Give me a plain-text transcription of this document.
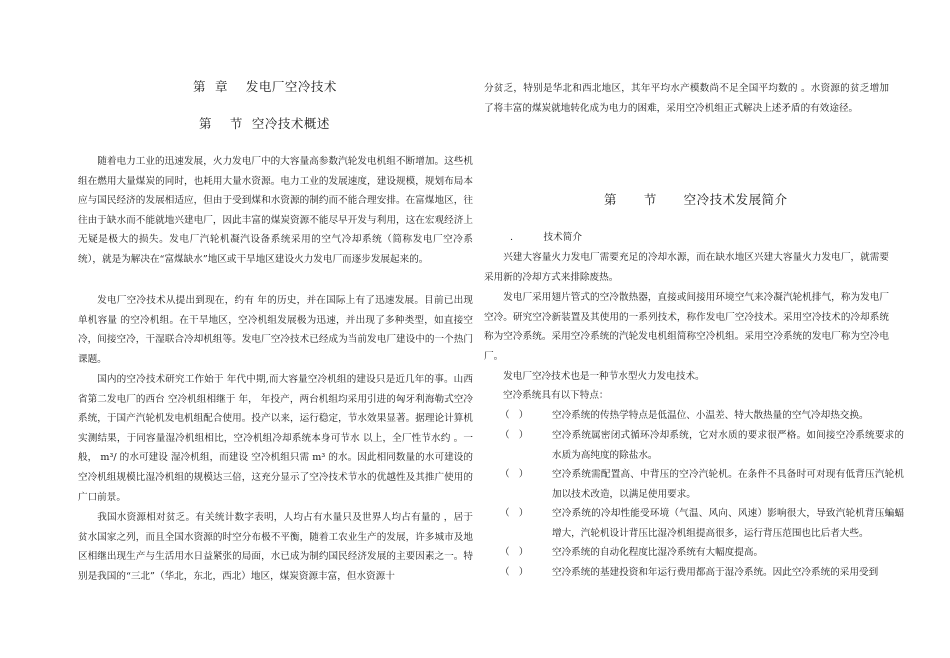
第  章    发电厂空冷技术
第    节  空冷技术概述

随着电力工业的迅速发展，火力发电厂中的大容量高参数汽轮发电机组不断增加。这些机组在燃用大量煤炭的同时，也耗用大量水资源。电力工业的发展速度，建设规模，规划布局本应与国民经济的发展相适应，但由于受到煤和水资源的制约而不能合理安排。在富煤地区，往往由于缺水而不能就地兴建电厂，因此丰富的煤炭资源不能尽早开发与利用，这在宏观经济上无疑是极大的损失。发电厂汽轮机凝汽设备系统采用的空气冷却系统（简称发电厂空冷系统），就是为解决在“富煤缺水”地区或干旱地区建设火力发电厂而逐步发展起来的。

发电厂空冷技术从提出到现在，约有 年的历史，并在国际上有了迅速发展。目前已出现单机容量 的空冷机组。在干旱地区，空冷机组发展极为迅速，并出现了多种类型，如直接空冷，间接空冷，干湿联合冷却机组等。发电厂空冷技术已经成为当前发电厂建设中的一个热门课题。

国内的空冷技术研究工作始于 年代中期,而大容量空冷机组的建设只是近几年的事。山西省第二发电厂的西台 空冷机组相继于 年， 年投产，两台机组均采用引进的匈牙利海勒式空冷系统，于国产汽轮机发电机组配合使用。投产以来，运行稳定，节水效果显著。据理论计算机实测结果，于同容量湿冷机组相比，空冷机组冷却系统本身可节水 以上，全厂性节水约 。一般， m³/ 的水可建设 湿冷机组，而建设 空冷机组只需 m³ 的水。因此相同数量的水可建设的空冷机组规模比湿冷机组的规模达三倍，这充分显示了空冷技术节水的优越性及其推广使用的广口前景。

我国水资源相对贫乏。有关统计数字表明，人均占有水量只及世界人均占有量的 ，居于贫水国家之列，而且全国水资源的时空分布极不平衡，随着工农业生产的发展，许多城市及地区相继出现生产与生活用水日益紧张的局面，水已成为制约国民经济发展的主要因素之一。特别是我国的“三北”（华北，东北，西北）地区，煤炭资源丰富，但水资源十

分贫乏，特别是华北和西北地区，其年平均水产模数尚不足全国平均数的 。水资源的贫乏增加了将丰富的煤炭就地转化成为电力的困难，采用空冷机组正式解决上述矛盾的有效途径。

第      节      空冷技术发展简介
.          技术简介

兴建大容量火力发电厂需要充足的冷却水源，而在缺水地区兴建大容量火力发电厂，就需要采用新的冷却方式来排除废热。

发电厂采用翅片管式的空冷散热器，直接或间接用环境空气来冷凝汽轮机排气，称为发电厂空冷。研究空冷新装置及其使用的一系列技术，称作发电厂空冷技术。采用空冷技术的冷却系统称为空冷系统。采用空冷系统的汽轮发电机组简称空冷机组。采用空冷系统的发电厂称为空冷电厂。

发电厂空冷技术也是一种节水型火力发电技术。

空冷系统具有以下特点：
（   ）	空冷系统的传热学特点是低温位、小温差、特大散热量的空气冷却热交换。
（   ）	空冷系统属密闭式循环冷却系统，它对水质的要求很严格。如间接空冷系统要求的水质为高纯度的除盐水。
（   ）	空冷系统需配置高、中背压的空冷汽轮机。在条件不具备时可对现有低背压汽轮机加以技术改造，以满足使用要求。
（   ）	空冷系统的冷却性能受环境（气温、风向、风速）影响很大，导致汽轮机背压蝙蝠增大，汽轮机设计背压比湿冷机组提高很多，运行背压范围也比后者大些。
（   ）	空冷系统的自动化程度比湿冷系统有大幅度提高。
（   ）	空冷系统的基建投资和年运行费用都高于湿冷系统。因此空冷系统的采用受到
